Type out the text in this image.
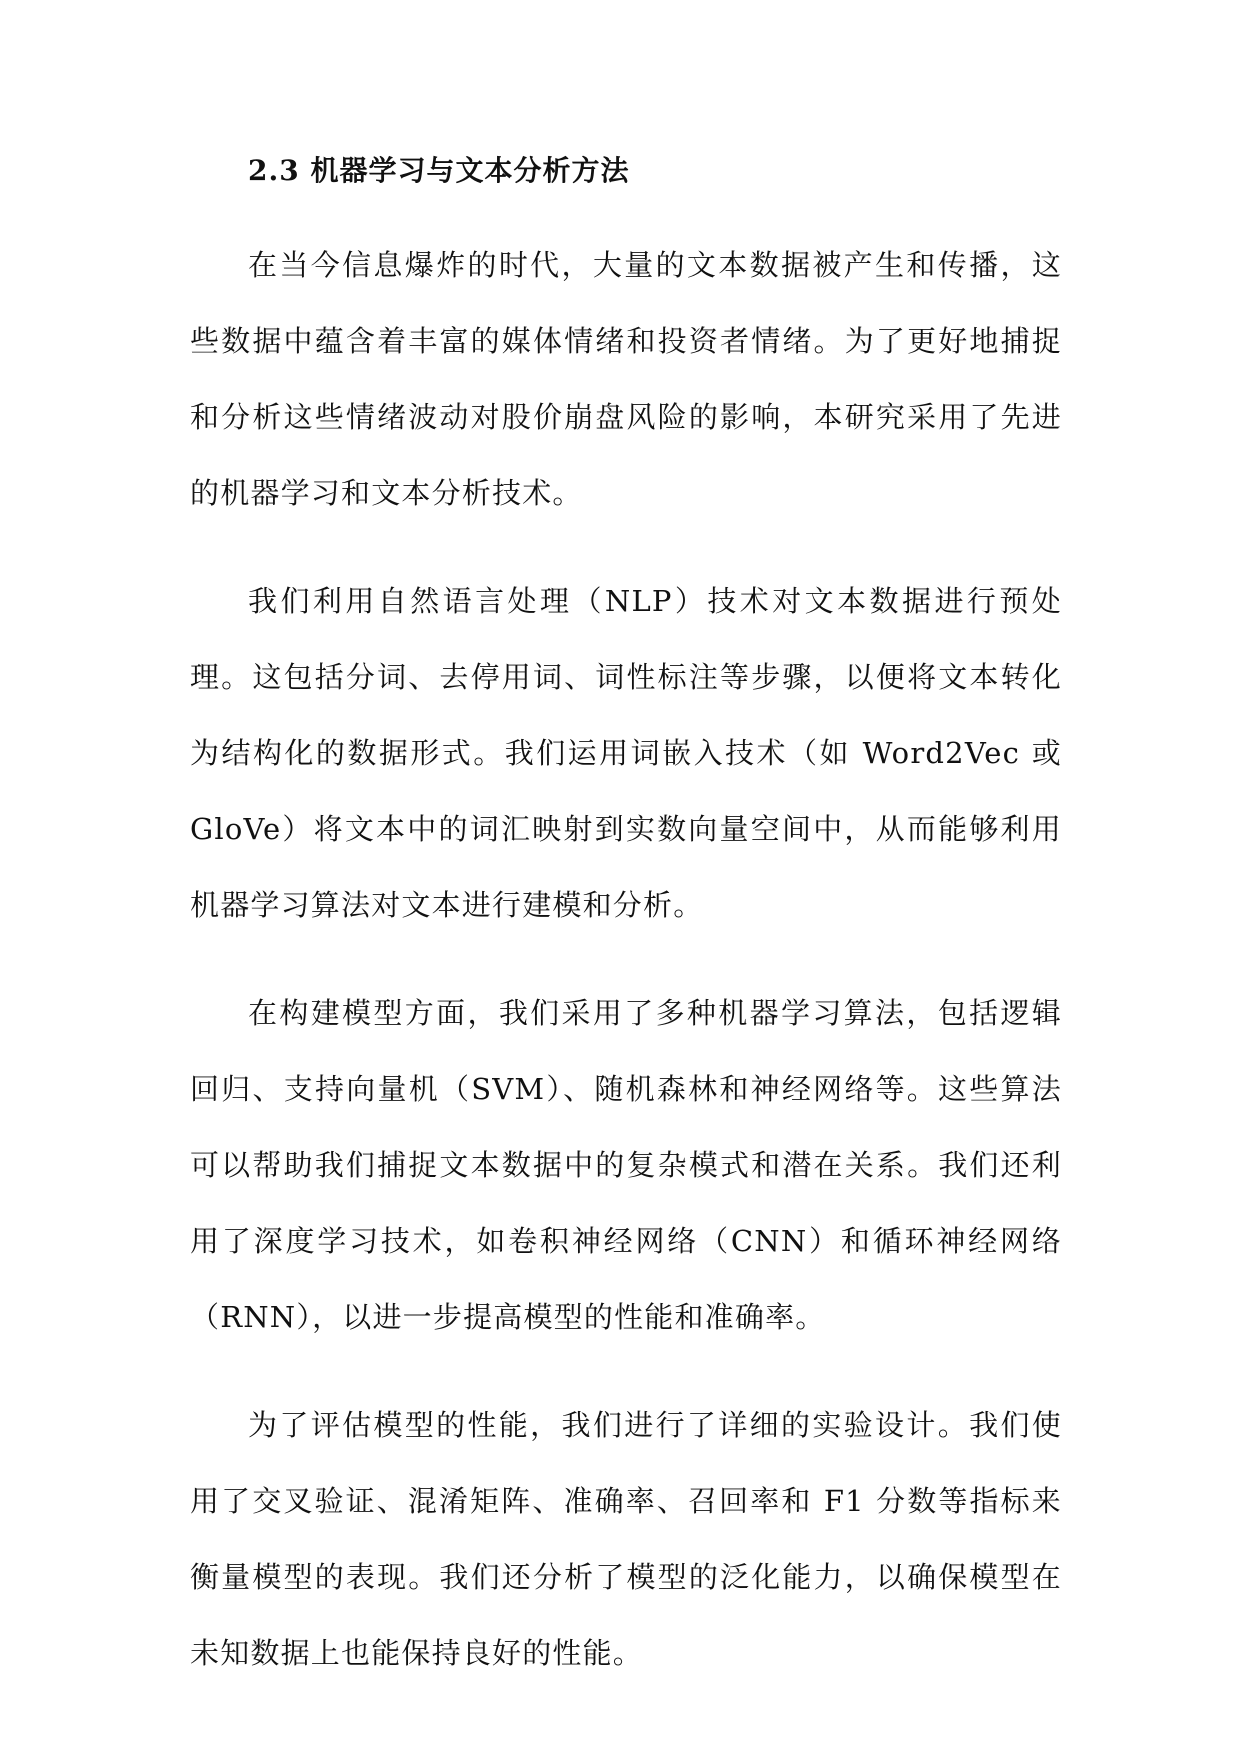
2.3 机器学习与文本分析方法

在当今信息爆炸的时代，大量的文本数据被产生和传播，这些数据中蕴含着丰富的媒体情绪和投资者情绪。为了更好地捕捉和分析这些情绪波动对股价崩盘风险的影响，本研究采用了先进的机器学习和文本分析技术。

我们利用自然语言处理（NLP）技术对文本数据进行预处理。这包括分词、去停用词、词性标注等步骤，以便将文本转化为结构化的数据形式。我们运用词嵌入技术（如 Word2Vec 或 GloVe）将文本中的词汇映射到实数向量空间中，从而能够利用机器学习算法对文本进行建模和分析。

在构建模型方面，我们采用了多种机器学习算法，包括逻辑回归、支持向量机（SVM）、随机森林和神经网络等。这些算法可以帮助我们捕捉文本数据中的复杂模式和潜在关系。我们还利用了深度学习技术，如卷积神经网络（CNN）和循环神经网络（RNN），以进一步提高模型的性能和准确率。

为了评估模型的性能，我们进行了详细的实验设计。我们使用了交叉验证、混淆矩阵、准确率、召回率和 F1 分数等指标来衡量模型的表现。我们还分析了模型的泛化能力，以确保模型在未知数据上也能保持良好的性能。
